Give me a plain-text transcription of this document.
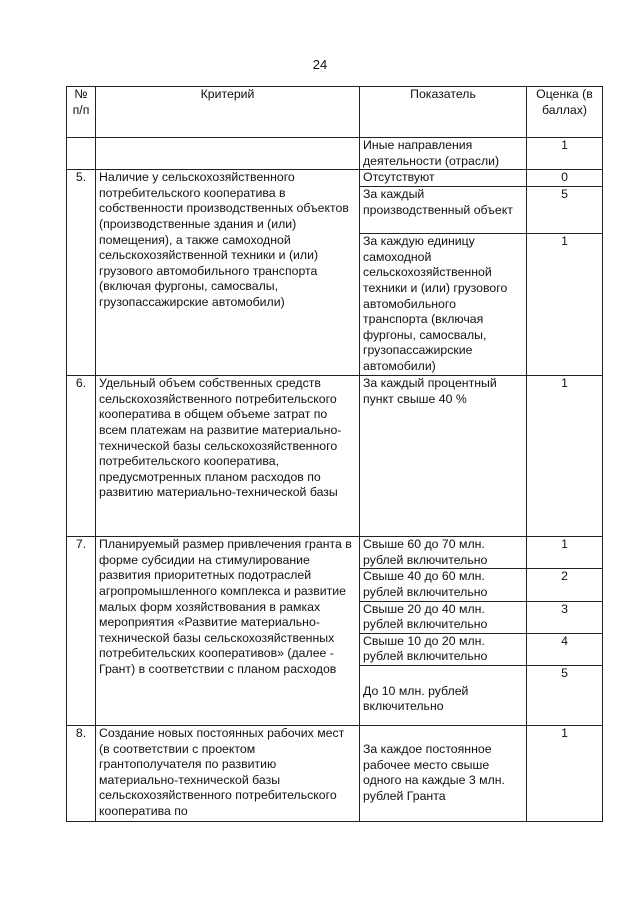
24
№ п/п	Критерий	Показатель	Оценка (в баллах)
		Иные направления деятельности (отрасли)	1
5.	Наличие у сельскохозяйственного потребительского кооператива в собственности производственных объектов (производственные здания и (или) помещения), а также самоходной сельскохозяйственной техники и (или) грузового автомобильного транспорта (включая фургоны, самосвалы, грузопассажирские автомобили)	Отсутствуют	0
		За каждый производственный объект	5
		За каждую единицу самоходной сельскохозяйственной техники и (или) грузового автомобильного транспорта (включая фургоны, самосвалы, грузопассажирские автомобили)	1
6.	Удельный объем собственных средств сельскохозяйственного потребительского кооператива в общем объеме затрат по всем платежам на развитие материально-технической базы сельскохозяйственного потребительского кооператива, предусмотренных планом расходов по развитию материально-технической базы	За каждый процентный пункт свыше 40 %	1
7.	Планируемый размер привлечения гранта в форме субсидии на стимулирование развития приоритетных подотраслей агропромышленного комплекса и развитие малых форм хозяйствования в рамках мероприятия «Развитие материально-технической базы сельскохозяйственных потребительских кооперативов» (далее - Грант) в соответствии с планом расходов	Свыше 60 до 70 млн. рублей включительно	1
		Свыше 40 до 60 млн. рублей включительно	2
		Свыше 20 до 40 млн. рублей включительно	3
		Свыше 10 до 20 млн. рублей включительно	4
		До 10 млн. рублей включительно	5
8.	Создание новых постоянных рабочих мест (в соответствии с проектом грантополучателя по развитию материально-технической базы сельскохозяйственного потребительского кооператива по	За каждое постоянное рабочее место свыше одного на каждые 3 млн. рублей Гранта	1
